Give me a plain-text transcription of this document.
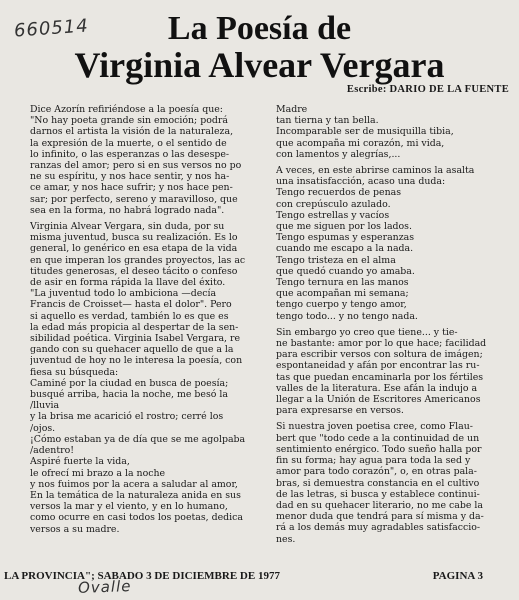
660514	La Poesía de
Virginia Alvear Vergara
Escribe: DARIO DE LA FUENTE
Dice Azorín refiriéndose a la poesía que:
"No hay poeta grande sin emoción; podrá
darnos el artista la visión de la naturaleza,
la expresión de la muerte, o el sentido de
lo infinito, o las esperanzas o las desespe-
ranzas del amor; pero si en sus versos no po
ne su espíritu, y nos hace sentir, y nos ha-
ce amar, y nos hace sufrir; y nos hace pen-
sar; por perfecto, sereno y maravilloso, que
sea en la forma, no habrá logrado nada".
Virginia Alvear Vergara, sin duda, por su
misma juventud, busca su realización. Es lo
general, lo genérico en esa etapa de la vida
en que imperan los grandes proyectos, las ac
titudes generosas, el deseo tácito o confeso
de asir en forma rápida la llave del éxito.
"La juventud todo lo ambiciona —decía
Francis de Croisset— hasta el dolor". Pero
si aquello es verdad, también lo es que es
la edad más propicia al despertar de la sen-
sibilidad poética. Virginia Isabel Vergara, re
gando con su quehacer aquello de que a la
juventud de hoy no le interesa la poesía, con
fiesa su búsqueda:
Caminé por la ciudad en busca de poesía;
busqué arriba, hacia la noche, me besó la
/lluvia
y la brisa me acarició el rostro; cerré los
/ojos.
¡Cómo estaban ya de día que se me agolpaba
/adentro!
Aspiré fuerte la vida,
le ofrecí mi brazo a la noche
y nos fuimos por la acera a saludar al amor,
En la temática de la naturaleza anida en sus
versos la mar y el viento, y en lo humano,
como ocurre en casi todos los poetas, dedica
versos a su madre.
Madre
tan tierna y tan bella.
Incomparable ser de musiquilla tibia,
que acompaña mi corazón, mi vida,
con lamentos y alegrías,...
A veces, en este abrirse caminos la asalta
una insatisfacción, acaso una duda:
Tengo recuerdos de penas
con crepúsculo azulado.
Tengo estrellas y vacíos
que me siguen por los lados.
Tengo espumas y esperanzas
cuando me escapo a la nada.
Tengo tristeza en el alma
que quedó cuando yo amaba.
Tengo ternura en las manos
que acompañan mi semana;
tengo cuerpo y tengo amor,
tengo todo... y no tengo nada.
Sin embargo yo creo que tiene... y tie-
ne bastante: amor por lo que hace; facilidad
para escribir versos con soltura de imágen;
espontaneidad y afán por encontrar las ru-
tas que puedan encaminarla por los fértiles
valles de la literatura. Ese afán la indujo a
llegar a la Unión de Escritores Americanos
para expresarse en versos.
Si nuestra joven poetisa cree, como Flau-
bert que "todo cede a la continuidad de un
sentimiento enérgico. Todo sueño halla por
fin su forma; hay agua para toda la sed y
amor para todo corazón", o, en otras pala-
bras, si demuestra constancia en el cultivo
de las letras, si busca y establece continui-
dad en su quehacer literario, no me cabe la
menor duda que tendrá para sí misma y da-
rá a los demás muy agradables satisfaccio-
nes.
LA PROVINCIA"; SABADO 3 DE DICIEMBRE DE 1977	PAGINA 3
Ovalle
